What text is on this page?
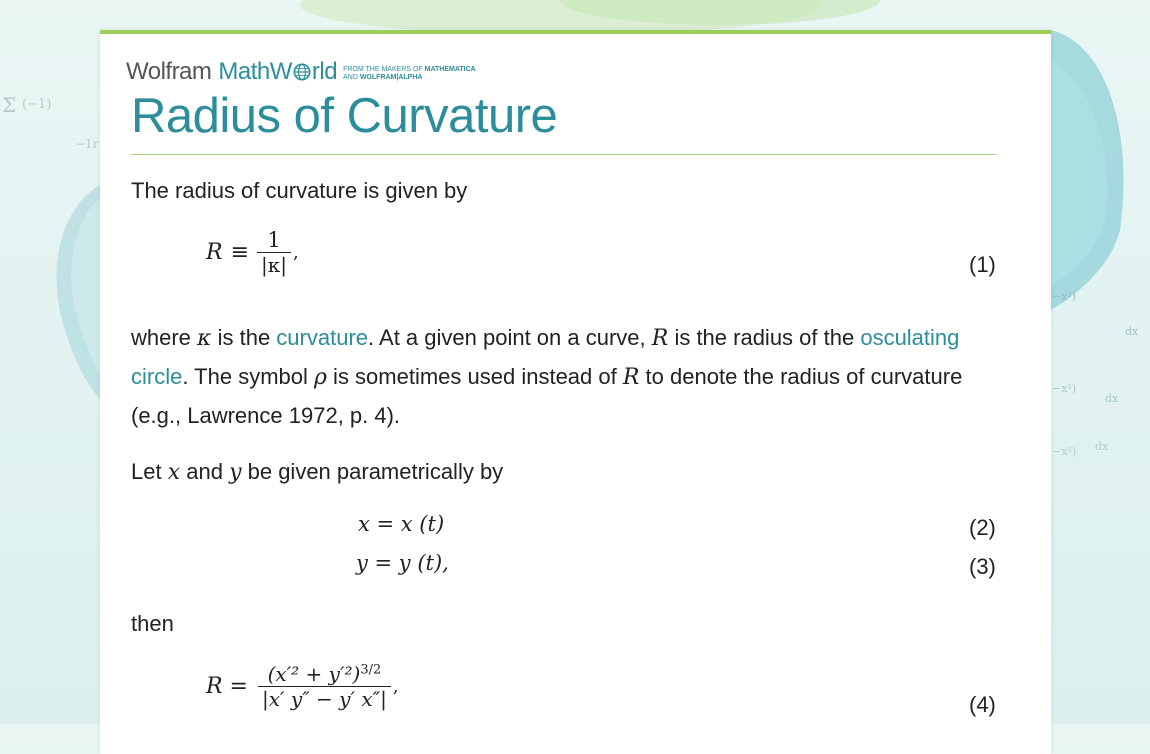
Σ (−1)
−1r
−x²)
dx
−x²)
dx
−x²) dx
Wolfram MathW rld FROM THE MAKERS OF MATHEMATICA
AND WOLFRAM|ALPHA
Radius of Curvature
The radius of curvature is given by
$R \equiv \frac{1}{|\kappa|}$ ,	(1)
where κ is the curvature. At a given point on a curve, R is the radius of the osculating circle. The symbol ρ is sometimes used instead of R to denote the radius of curvature (e.g., Lawrence 1972, p. 4).
Let x and y be given parametrically by
x = x (t)	(2)
y = y (t),	(3)
then
$R = \frac{(x'^2 + y'^2)^{3/2}}{|x' y'' - y' x''|}$ ,
(4)
